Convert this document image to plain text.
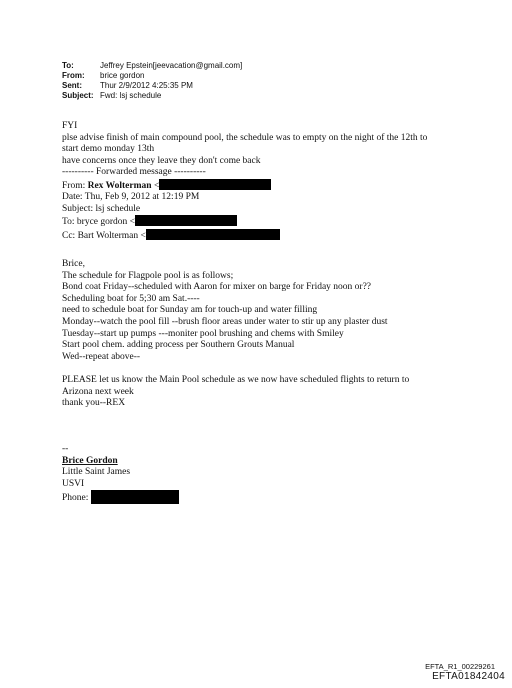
To:	Jeffrey Epstein[jeevacation@gmail.com]
From:	brice gordon
Sent:	Thur 2/9/2012 4:25:35 PM
Subject: Fwd: lsj schedule
FYI
plse advise finish of main compound pool, the schedule was to empty on the night of the 12th to
start demo monday 13th
have concerns once they leave they don't come back
---------- Forwarded message ----------
From: Rex Wolterman <
Date: Thu, Feb 9, 2012 at 12:19 PM
Subject: lsj schedule
To: bryce gordon <
Cc: Bart Wolterman <
Brice,
The schedule for Flagpole pool is as follows;
Bond coat Friday--scheduled with Aaron for mixer on barge for Friday noon or??
Scheduling boat for 5;30 am Sat.----
need to schedule boat for Sunday am for touch-up and water filling
Monday--watch the pool fill --brush floor areas under water to stir up any plaster dust
Tuesday--start up pumps ---moniter pool brushing and chems with Smiley
Start pool chem. adding process per Southern Grouts Manual
Wed--repeat above--
PLEASE let us know the Main Pool schedule as we now have scheduled flights to return to
Arizona next week
thank you--REX
--
Brice Gordon
Little Saint James
USVI
Phone:
EFTA_R1_00229261
EFTA01842404
